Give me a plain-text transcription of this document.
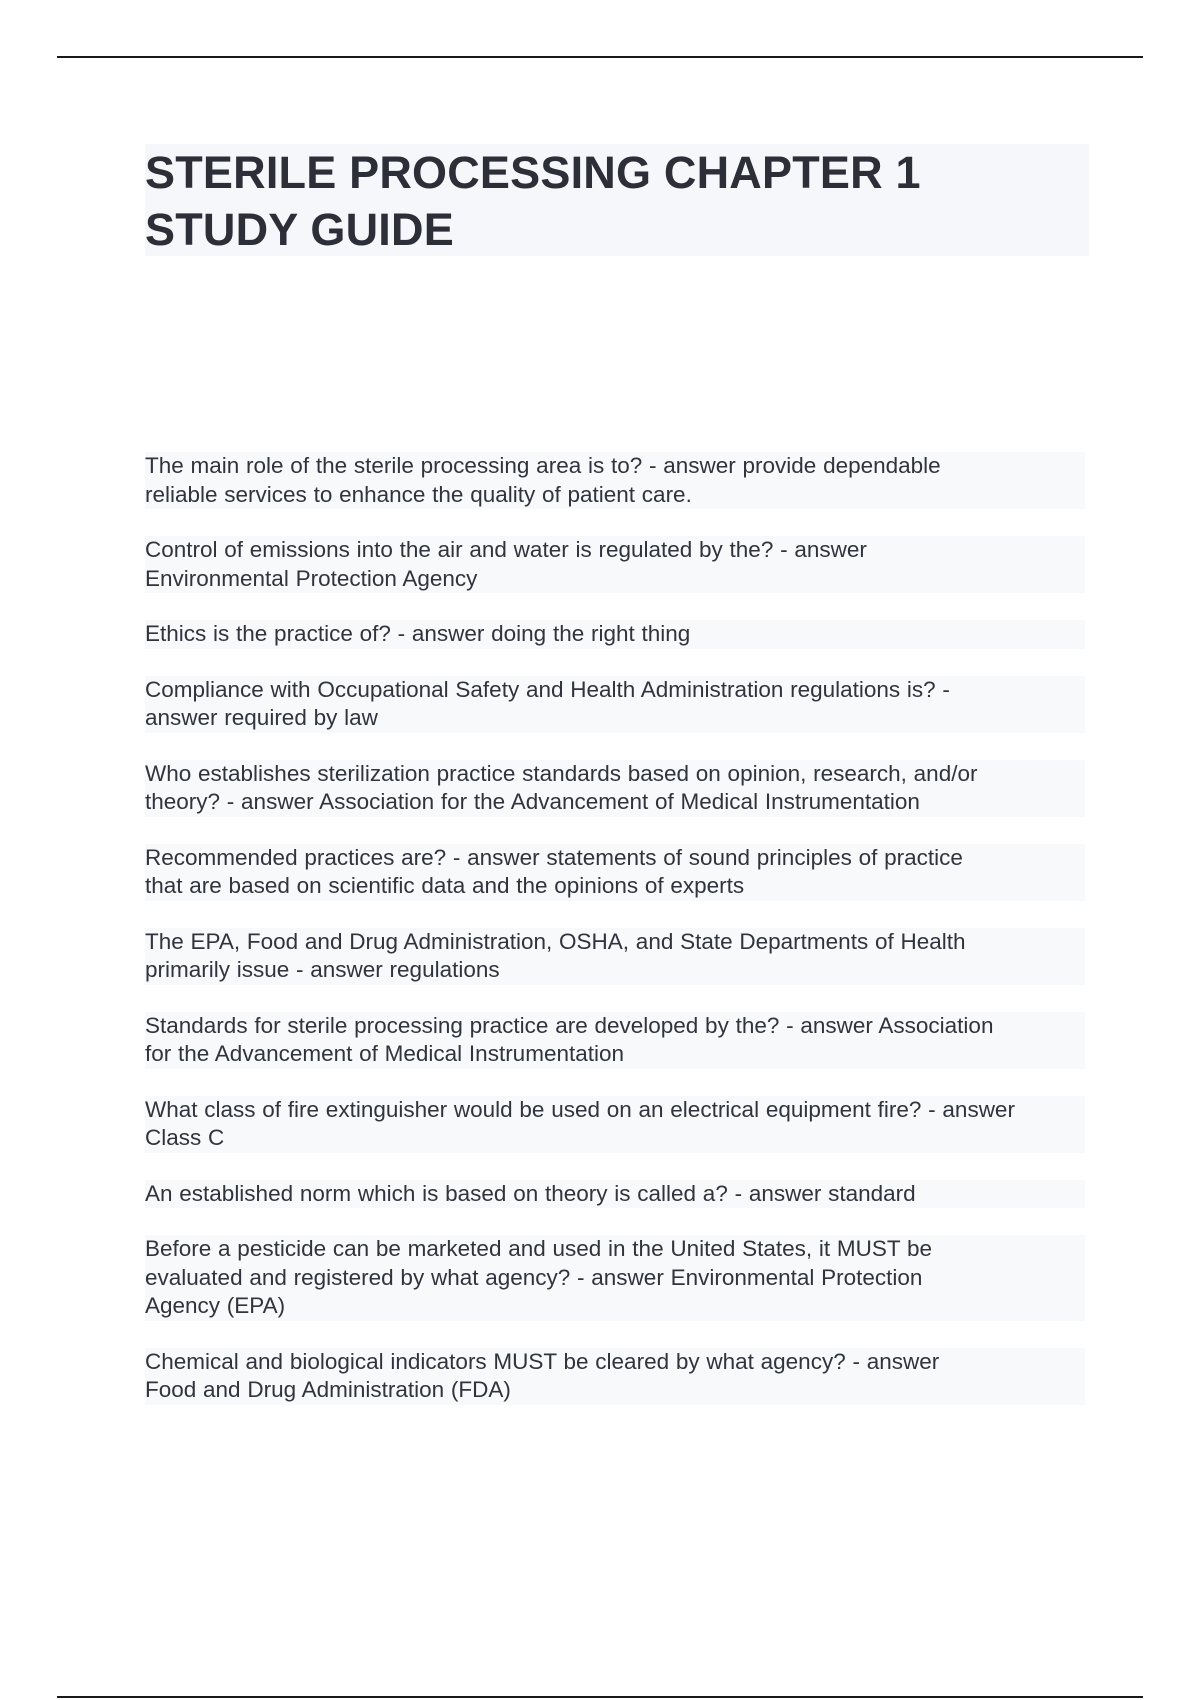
STERILE PROCESSING CHAPTER 1
STUDY GUIDE
The main role of the sterile processing area is to? - answer provide dependable
reliable services to enhance the quality of patient care.
Control of emissions into the air and water is regulated by the? - answer
Environmental Protection Agency
Ethics is the practice of? - answer doing the right thing
Compliance with Occupational Safety and Health Administration regulations is? -
answer required by law
Who establishes sterilization practice standards based on opinion, research, and/or
theory? - answer Association for the Advancement of Medical Instrumentation
Recommended practices are? - answer statements of sound principles of practice
that are based on scientific data and the opinions of experts
The EPA, Food and Drug Administration, OSHA, and State Departments of Health
primarily issue - answer regulations
Standards for sterile processing practice are developed by the? - answer Association
for the Advancement of Medical Instrumentation
What class of fire extinguisher would be used on an electrical equipment fire? - answer
Class C
An established norm which is based on theory is called a? - answer standard
Before a pesticide can be marketed and used in the United States, it MUST be
evaluated and registered by what agency? - answer Environmental Protection
Agency (EPA)
Chemical and biological indicators MUST be cleared by what agency? - answer
Food and Drug Administration (FDA)
